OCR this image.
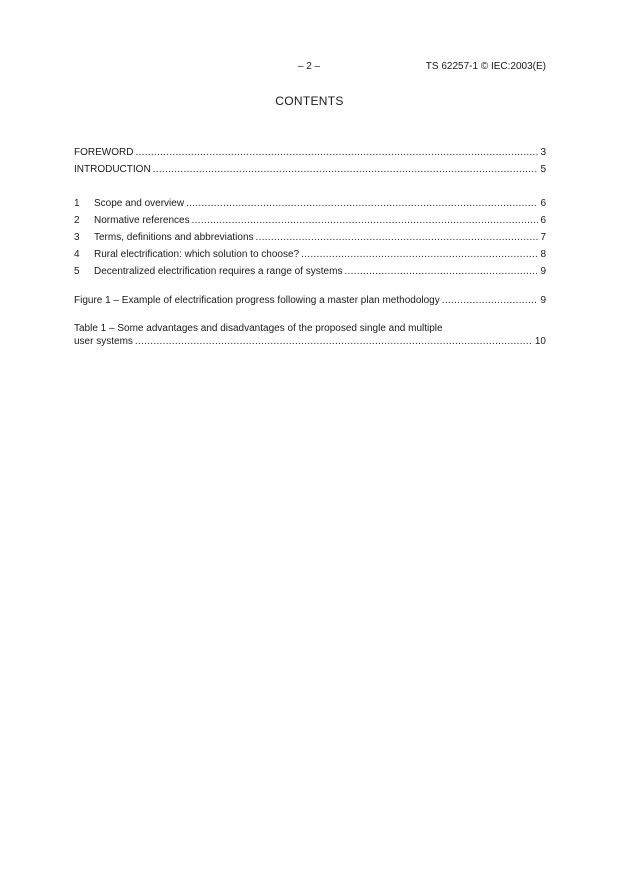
– 2 –	TS 62257-1 © IEC:2003(E)
CONTENTS
FOREWORD .....	3
INTRODUCTION .....	5
1	Scope and overview .....	6
2	Normative references .....	6
3	Terms, definitions and abbreviations .....	7
4	Rural electrification: which solution to choose? .....	8
5	Decentralized electrification requires a range of systems .....	9
Figure 1 – Example of electrification progress following a master plan methodology .....	9
Table 1 – Some advantages and disadvantages of the proposed single and multiple
user systems .....	10
